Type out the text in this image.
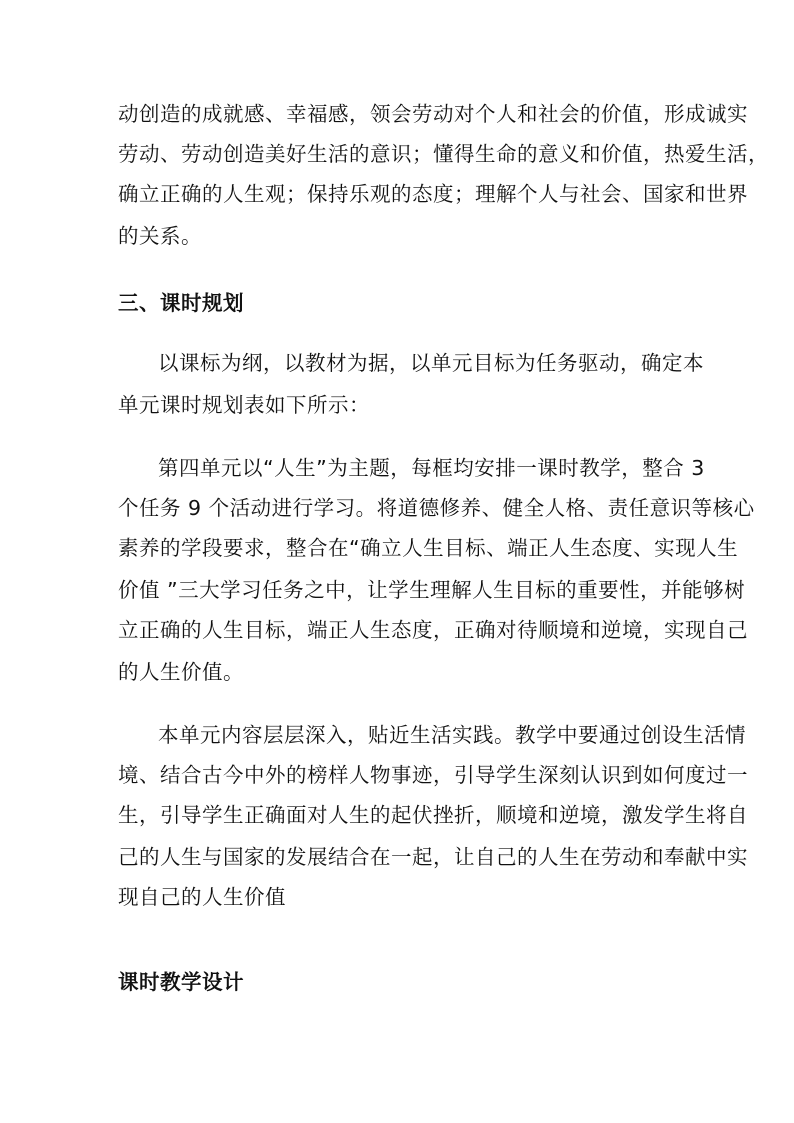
动创造的成就感、幸福感，领会劳动对个人和社会的价值，形成诚实
劳动、劳动创造美好生活的意识；懂得生命的意义和价值，热爱生活，
确立正确的人生观；保持乐观的态度；理解个人与社会、国家和世界
的关系。
三、课时规划
以课标为纲，以教材为据，以单元目标为任务驱动，确定本
单元课时规划表如下所示：
第四单元以“人生”为主题，每框均安排一课时教学，整合 3
个任务 9 个活动进行学习。将道德修养、健全人格、责任意识等核心
素养的学段要求，整合在“确立人生目标、端正人生态度、实现人生
价值 ”三大学习任务之中，让学生理解人生目标的重要性，并能够树
立正确的人生目标，端正人生态度，正确对待顺境和逆境，实现自己
的人生价值。
本单元内容层层深入，贴近生活实践。教学中要通过创设生活情
境、结合古今中外的榜样人物事迹，引导学生深刻认识到如何度过一
生，引导学生正确面对人生的起伏挫折，顺境和逆境，激发学生将自
己的人生与国家的发展结合在一起，让自己的人生在劳动和奉献中实
现自己的人生价值
课时教学设计
